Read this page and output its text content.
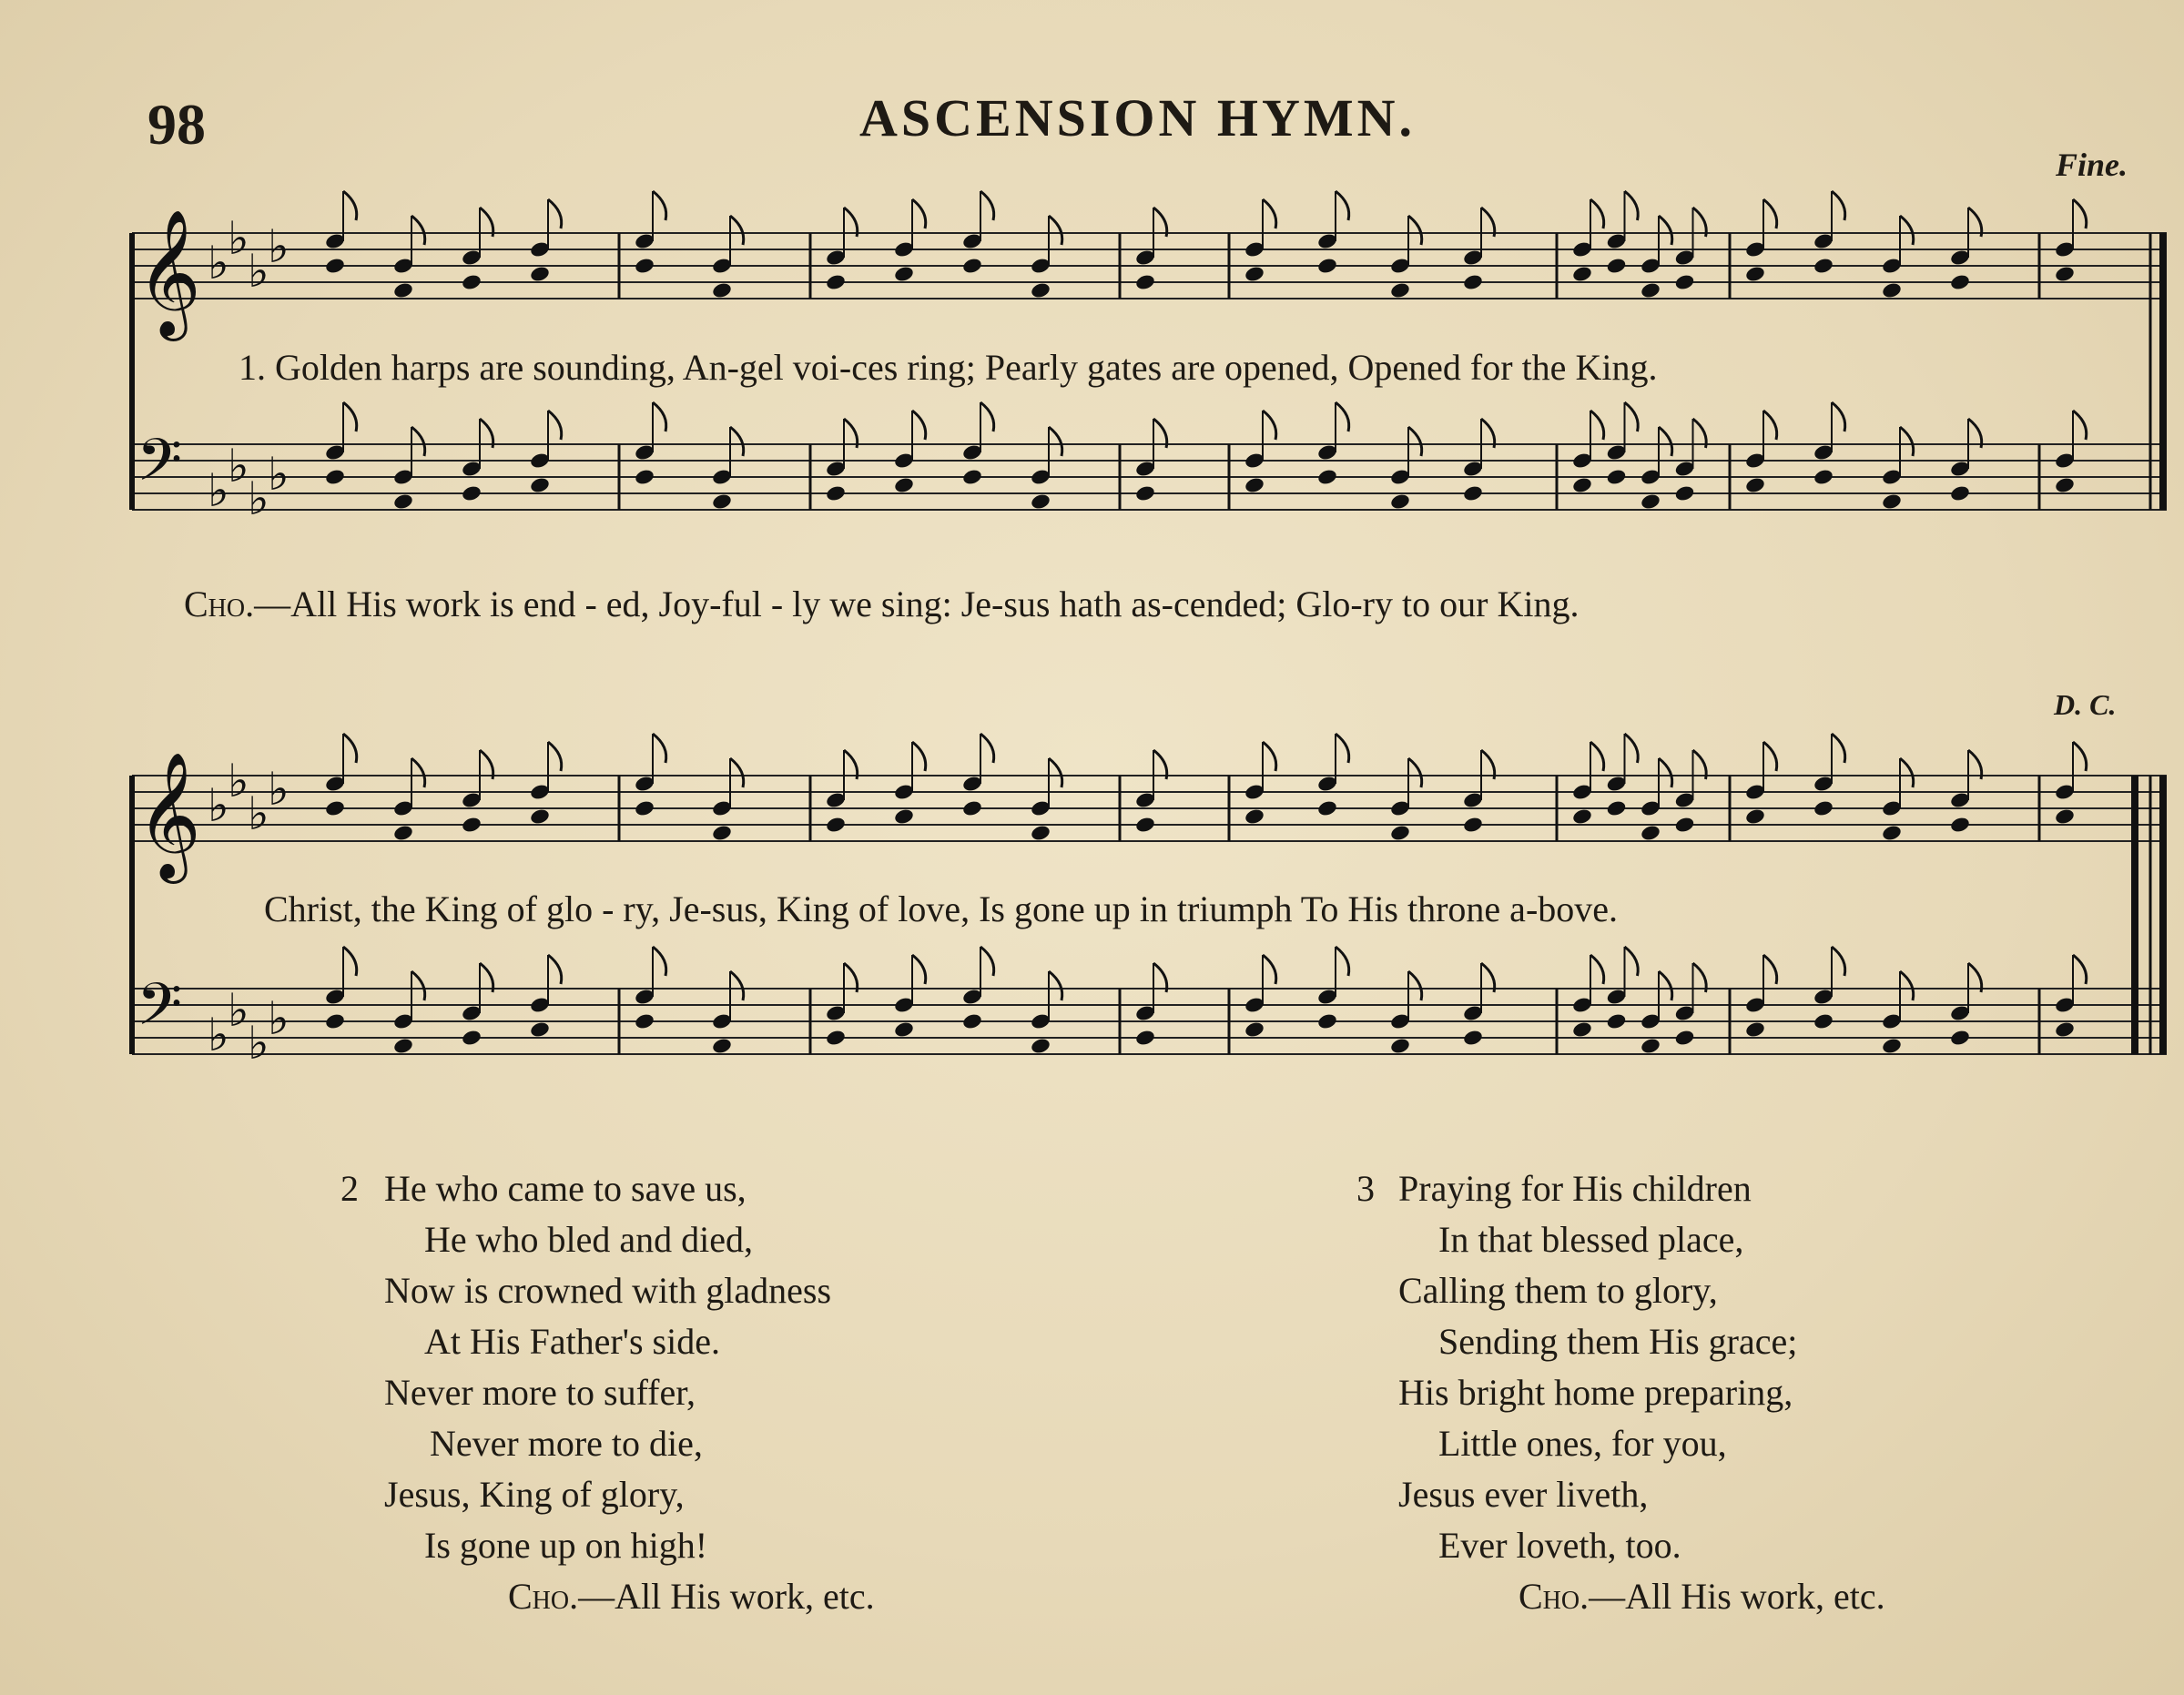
98	ASCENSION HYMN.
Fine.
D. C.
𝄞 ♭
♭
♭
♭
𝄢 ♭
♭
♭
♭
1. Golden harps are sounding, An-gel voi-ces ring; Pearly gates are opened, Opened for the King.
Cho.—All His work is end - ed, Joy-ful - ly we sing: Je-sus hath as-cended; Glo-ry to our King.
𝄞 ♭
♭
♭
♭
𝄢 ♭
♭
♭
♭
Christ, the King of glo - ry, Je-sus, King of love, Is gone up in triumph To His throne a-bove.
2 He who came to save us,
He who bled and died,
Now is crowned with gladness
At His Father's side.
Never more to suffer,
Never more to die,
Jesus, King of glory,
Is gone up on high!
Cho.—All His work, etc.
3 Praying for His children
In that blessed place,
Calling them to glory,
Sending them His grace;
His bright home preparing,
Little ones, for you,
Jesus ever liveth,
Ever loveth, too.
Cho.—All His work, etc.
